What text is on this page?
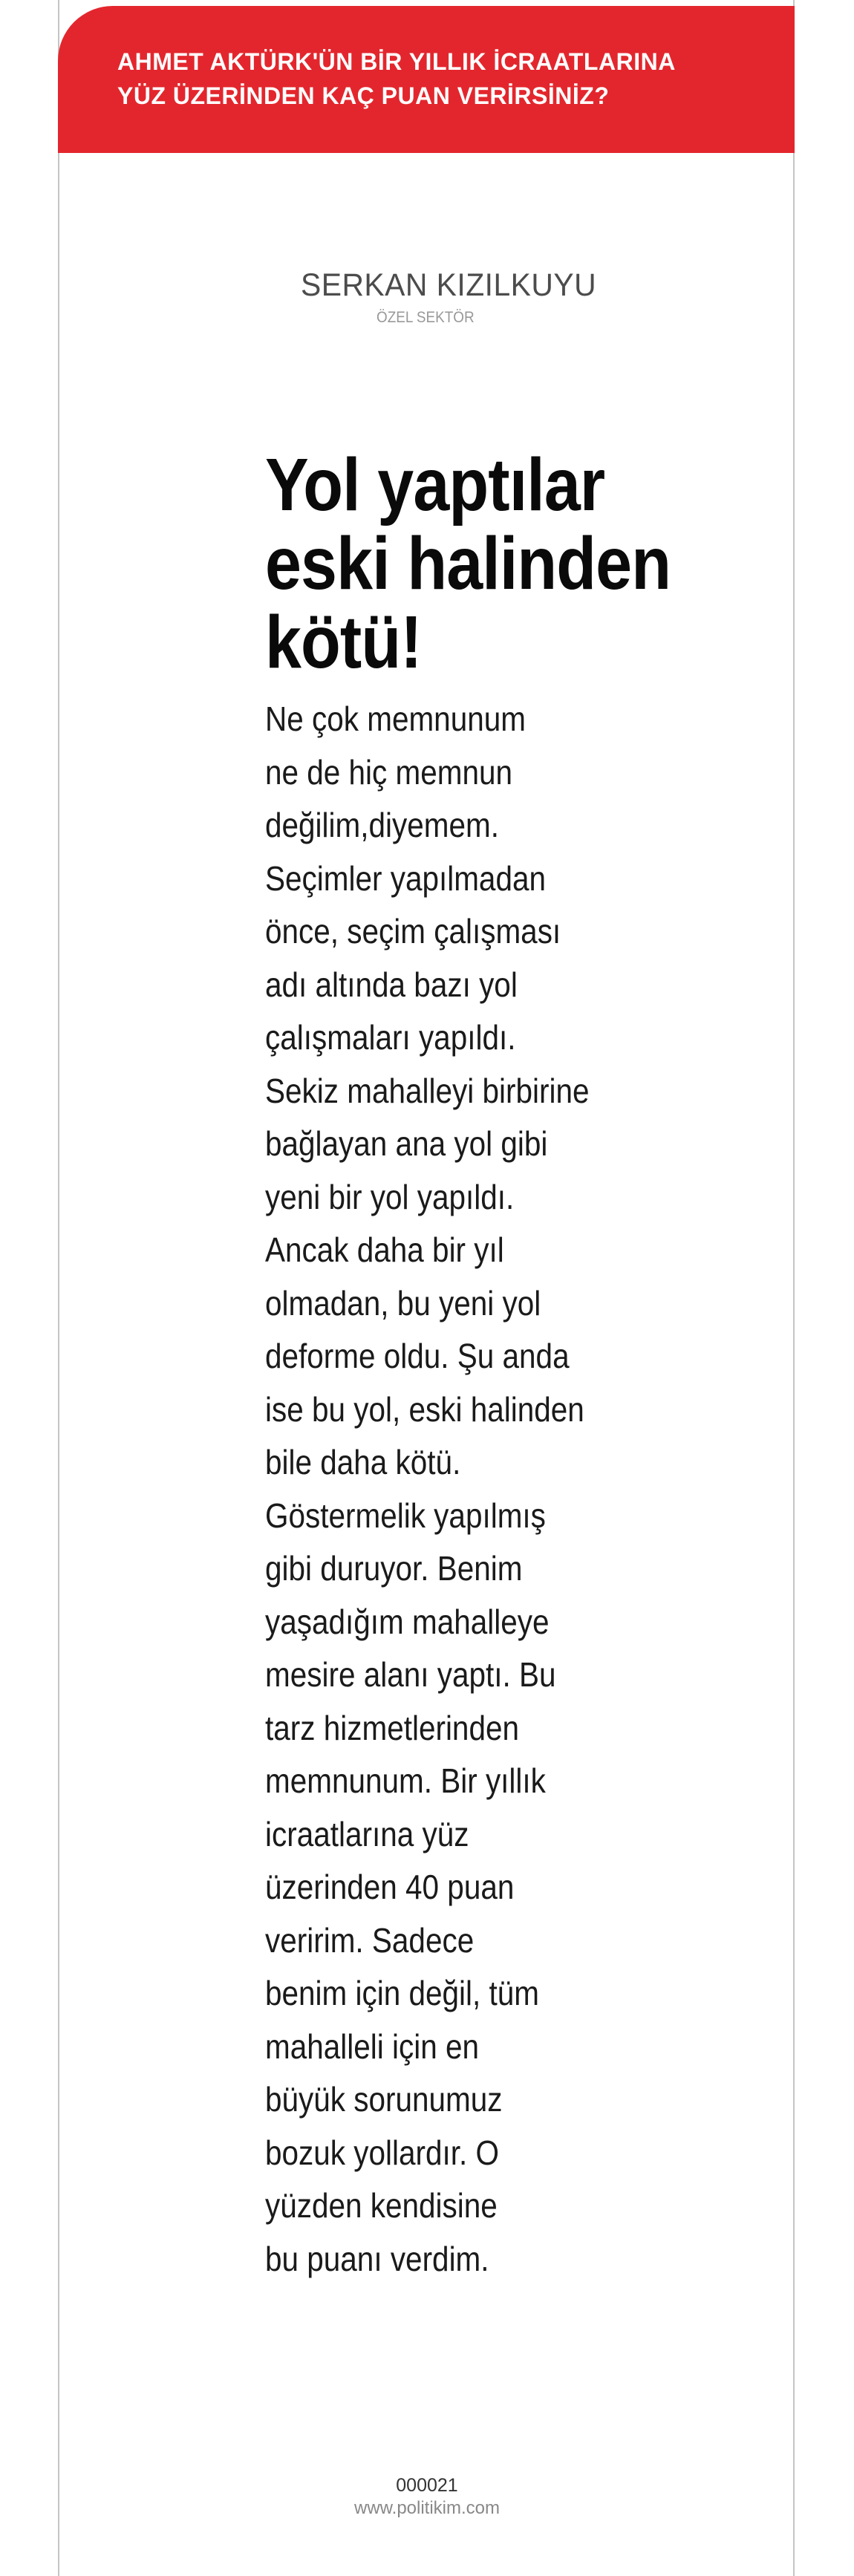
AHMET AKTÜRK'ÜN BİR YILLIK İCRAATLARINA
YÜZ ÜZERİNDEN KAÇ PUAN VERİRSİNİZ?
SERKAN KIZILKUYU
ÖZEL SEKTÖR
Yol yaptılar
eski halinden
kötü!
Ne çok memnunum
ne de hiç memnun
değilim,diyemem.
Seçimler yapılmadan
önce, seçim çalışması
adı altında bazı yol
çalışmaları yapıldı.
Sekiz mahalleyi birbirine
bağlayan ana yol gibi
yeni bir yol yapıldı.
Ancak daha bir yıl
olmadan, bu yeni yol
deforme oldu. Şu anda
ise bu yol, eski halinden
bile daha kötü.
Göstermelik yapılmış
gibi duruyor. Benim
yaşadığım mahalleye
mesire alanı yaptı. Bu
tarz hizmetlerinden
memnunum. Bir yıllık
icraatlarına yüz
üzerinden 40 puan
veririm. Sadece
benim için değil, tüm
mahalleli için en
büyük sorunumuz
bozuk yollardır. O
yüzden kendisine
bu puanı verdim.
000021
www.politikim.com
